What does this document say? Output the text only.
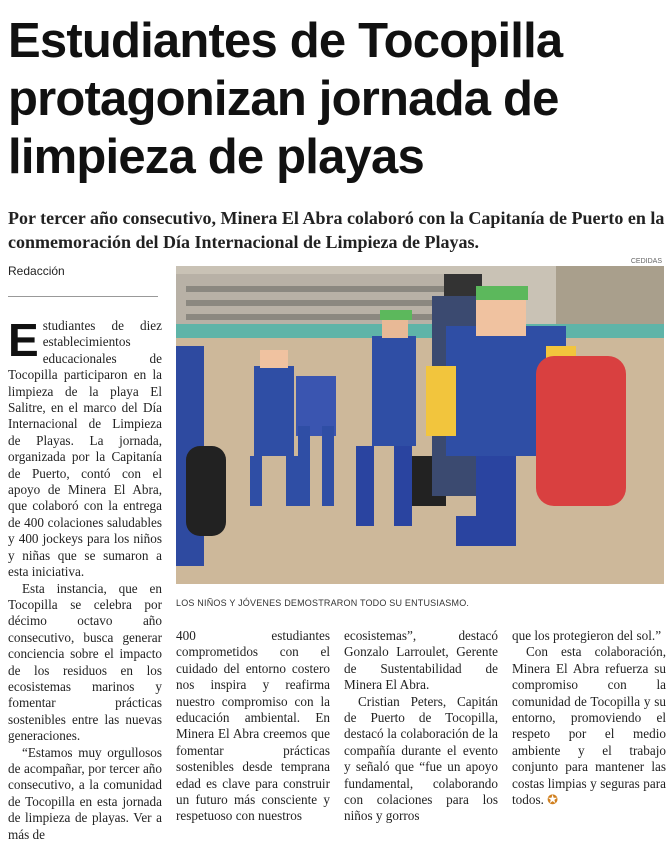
Estudiantes de Tocopilla protagonizan jornada de limpieza de playas

Por tercer año consecutivo, Minera El Abra colaboró con la Capitanía de Puerto en la conmemoración del Día Internacional de Limpieza de Playas.

Redacción

Estudiantes de diez establecimientos educacionales de Tocopilla participaron en la limpieza de la playa El Salitre, en el marco del Día Internacional de Limpieza de Playas. La jornada, organizada por la Capitanía de Puerto, contó con el apoyo de Minera El Abra, que colaboró con la entrega de 400 colaciones saludables y 400 jockeys para los niños y niñas que se sumaron a esta iniciativa.

Esta instancia, que en Tocopilla se celebra por décimo octavo año consecutivo, busca generar conciencia sobre el impacto de los residuos en los ecosistemas marinos y fomentar prácticas sostenibles entre las nuevas generaciones.

“Estamos muy orgullosos de acompañar, por tercer año consecutivo, a la comunidad de Tocopilla en esta jornada de limpieza de playas. Ver a más de

CEDIDAS
LOS NIÑOS Y JÓVENES DEMOSTRARON TODO SU ENTUSIASMO.

400 estudiantes comprometidos con el cuidado del entorno costero nos inspira y reafirma nuestro compromiso con la educación ambiental. En Minera El Abra creemos que fomentar prácticas sostenibles desde temprana edad es clave para construir un futuro más consciente y respetuoso con nuestros

ecosistemas”, destacó Gonzalo Larroulet, Gerente de Sustentabilidad de Minera El Abra.

Cristian Peters, Capitán de Puerto de Tocopilla, destacó la colaboración de la compañía durante el evento y señaló que “fue un apoyo fundamental, colaborando con colaciones para los niños y gorros

que los protegieron del sol.”

Con esta colaboración, Minera El Abra refuerza su compromiso con la comunidad de Tocopilla y su entorno, promoviendo el respeto por el medio ambiente y el trabajo conjunto para mantener las costas limpias y seguras para todos. ✪
